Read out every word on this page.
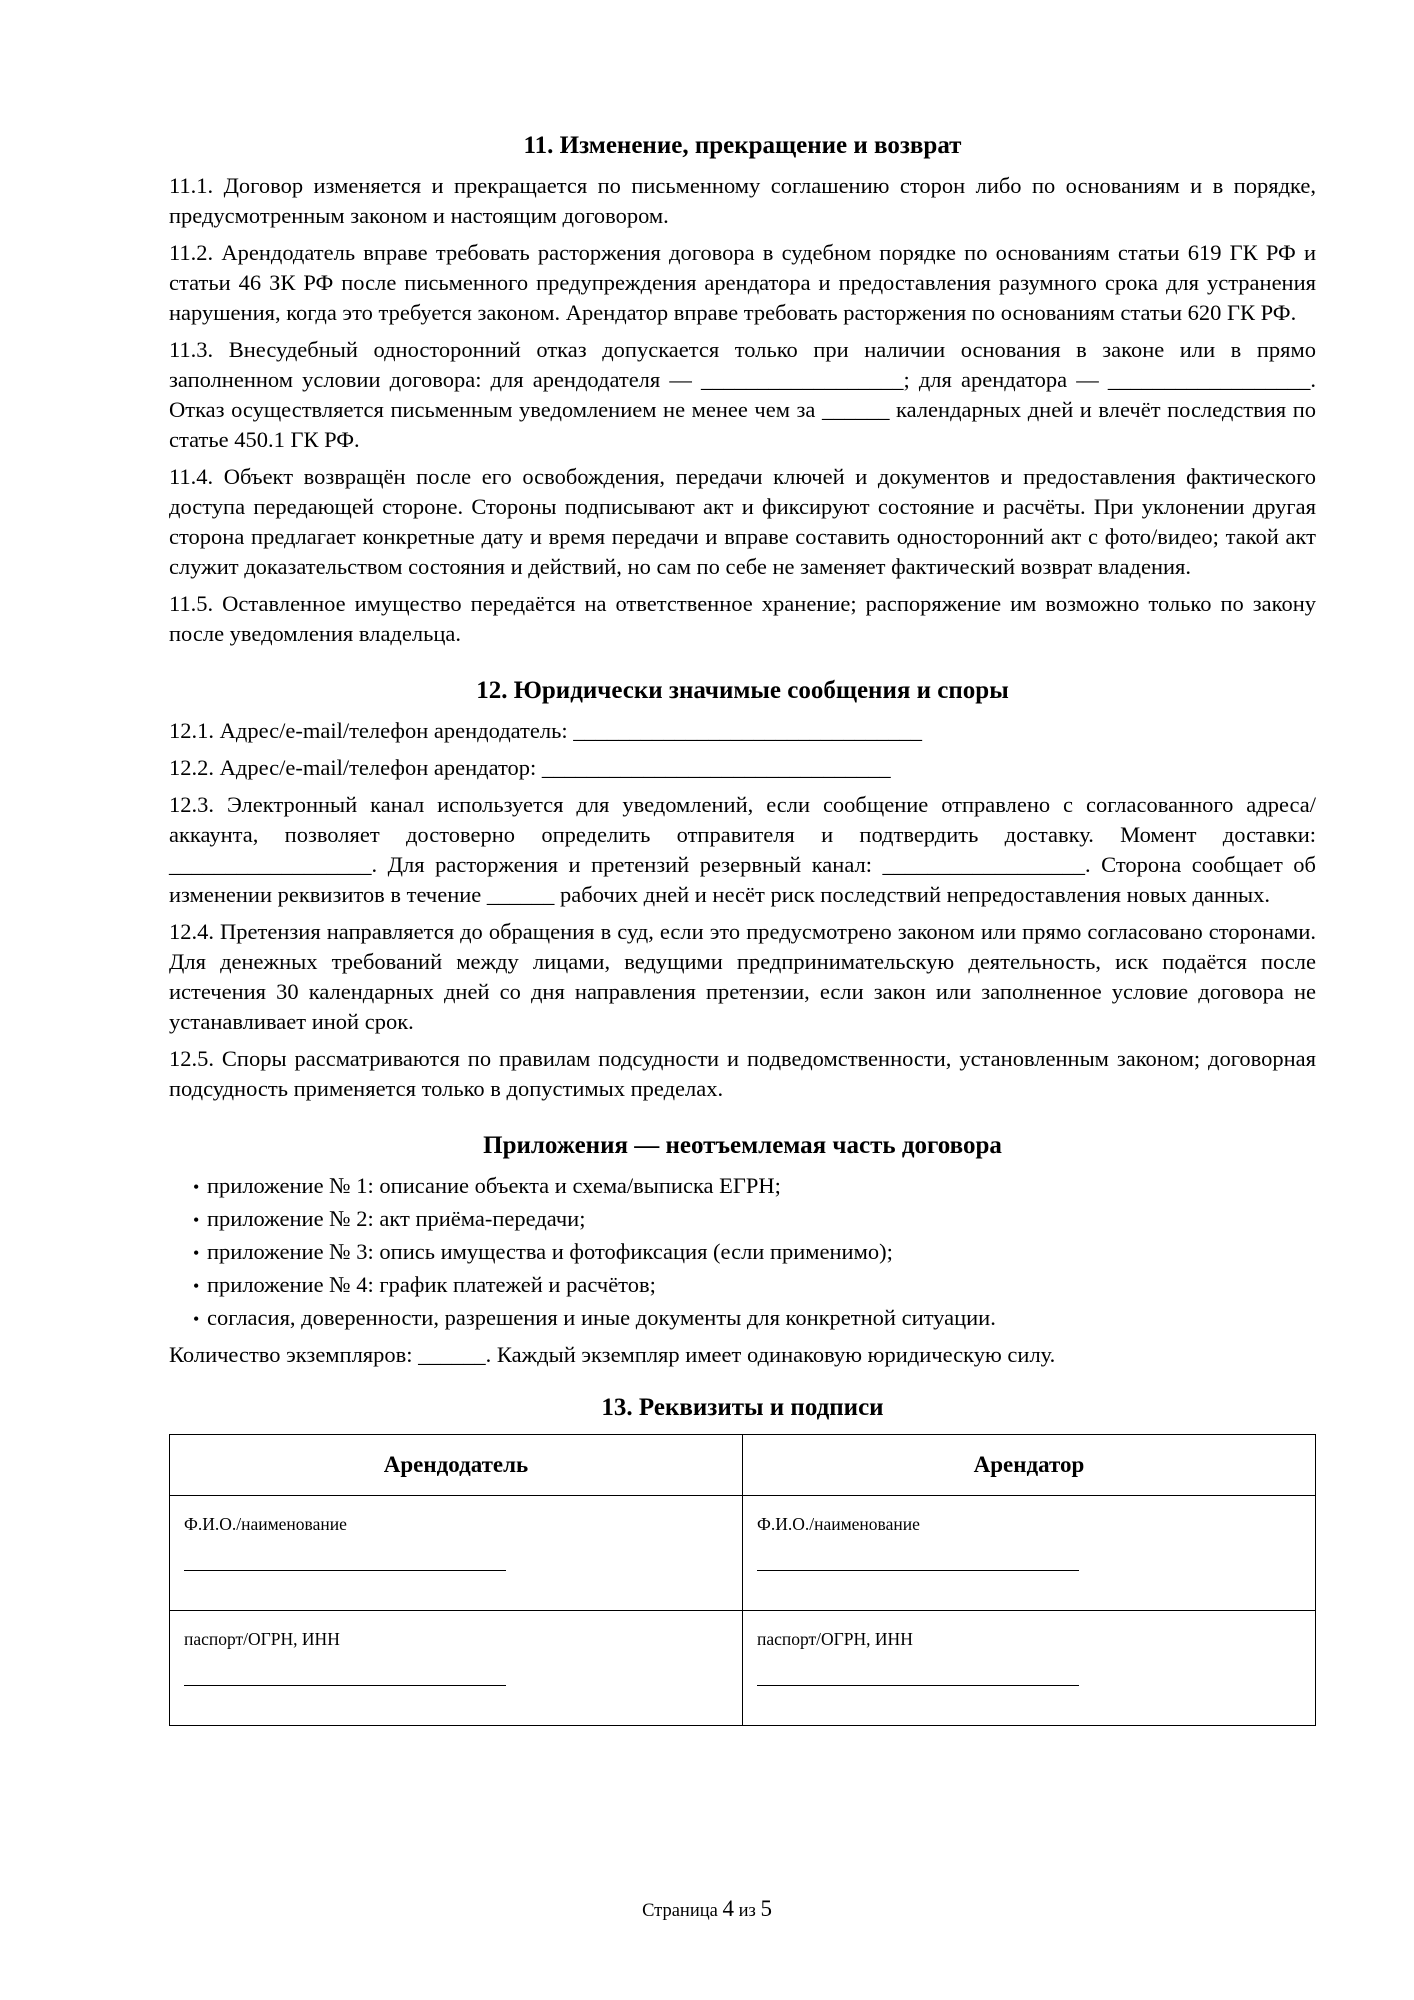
11. Изменение, прекращение и возврат

11.1. Договор изменяется и прекращается по письменному соглашению сторон либо по основаниям и в порядке, предусмотренным законом и настоящим договором.

11.2. Арендодатель вправе требовать расторжения договора в судебном порядке по основаниям статьи 619 ГК РФ и статьи 46 ЗК РФ после письменного предупреждения арендатора и предоставления разумного срока для устранения нарушения, когда это требуется законом. Арендатор вправе требовать расторжения по основаниям статьи 620 ГК РФ.

11.3. Внесудебный односторонний отказ допускается только при наличии основания в законе или в прямо заполненном условии договора: для арендодателя — __________________; для арендатора — __________________. Отказ осуществляется письменным уведомлением не менее чем за ______ календарных дней и влечёт последствия по статье 450.1 ГК РФ.

11.4. Объект возвращён после его освобождения, передачи ключей и документов и предоставления фактического доступа передающей стороне. Стороны подписывают акт и фиксируют состояние и расчёты. При уклонении другая сторона предлагает конкретные дату и время передачи и вправе составить односторонний акт с фото/видео; такой акт служит доказательством состояния и действий, но сам по себе не заменяет фактический возврат владения.

11.5. Оставленное имущество передаётся на ответственное хранение; распоряжение им возможно только по закону после уведомления владельца.

12. Юридически значимые сообщения и споры

12.1. Адрес/e-mail/телефон арендодатель: _______________________________

12.2. Адрес/e-mail/телефон арендатор: _______________________________

12.3. Электронный канал используется для уведомлений, если сообщение отправлено с согласованного адреса/аккаунта, позволяет достоверно определить отправителя и подтвердить доставку. Момент доставки: __________________. Для расторжения и претензий резервный канал: __________________. Сторона сообщает об изменении реквизитов в течение ______ рабочих дней и несёт риск последствий непредоставления новых данных.

12.4. Претензия направляется до обращения в суд, если это предусмотрено законом или прямо согласовано сторонами. Для денежных требований между лицами, ведущими предпринимательскую деятельность, иск подаётся после истечения 30 календарных дней со дня направления претензии, если закон или заполненное условие договора не устанавливает иной срок.

12.5. Споры рассматриваются по правилам подсудности и подведомственности, установленным законом; договорная подсудность применяется только в допустимых пределах.

Приложения — неотъемлемая часть договора
• приложение № 1: описание объекта и схема/выписка ЕГРН;
• приложение № 2: акт приёма-передачи;
• приложение № 3: опись имущества и фотофиксация (если применимо);
• приложение № 4: график платежей и расчётов;
• согласия, доверенности, разрешения и иные документы для конкретной ситуации.

Количество экземпляров: ______. Каждый экземпляр имеет одинаковую юридическую силу.

13. Реквизиты и подписи
Арендодатель	Арендатор

Ф.И.О./наименование	Ф.И.О./наименование

паспорт/ОГРН, ИНН	паспорт/ОГРН, ИНН
Страница 4 из 5
